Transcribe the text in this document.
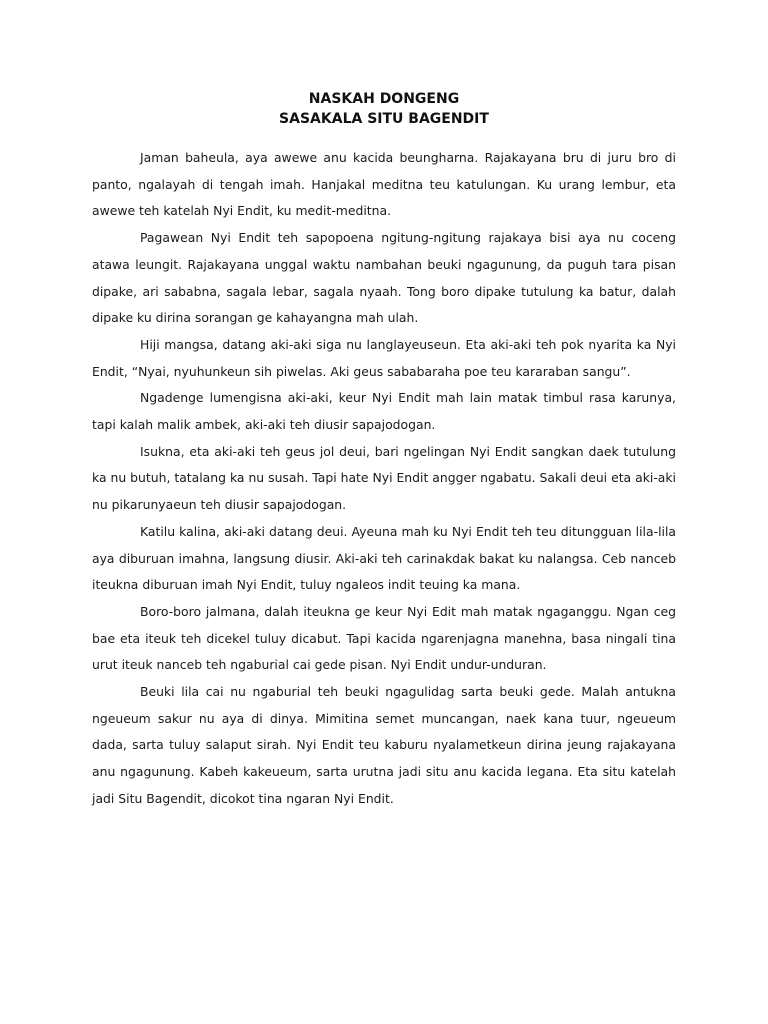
NASKAH DONGENG

SASAKALA SITU BAGENDIT

Jaman baheula, aya awewe anu kacida beungharna. Rajakayana bru di juru bro di panto, ngalayah di tengah imah. Hanjakal meditna teu katulungan. Ku urang lembur, eta awewe teh katelah Nyi Endit, ku medit-meditna.

Pagawean Nyi Endit teh sapopoena ngitung-ngitung rajakaya bisi aya nu coceng atawa leungit. Rajakayana unggal waktu nambahan beuki ngagunung, da puguh tara pisan dipake, ari sababna, sagala lebar, sagala nyaah. Tong boro dipake tutulung ka batur, dalah dipake ku dirina sorangan ge kahayangna mah ulah.

Hiji mangsa, datang aki-aki siga nu langlayeuseun. Eta aki-aki teh pok nyarita ka Nyi Endit, “Nyai, nyuhunkeun sih piwelas. Aki geus sababaraha poe teu kararaban sangu”.

Ngadenge lumengisna aki-aki, keur Nyi Endit mah lain matak timbul rasa karunya, tapi kalah malik ambek, aki-aki teh diusir sapajodogan.

Isukna, eta aki-aki teh geus jol deui, bari ngelingan Nyi Endit sangkan daek tutulung ka nu butuh, tatalang ka nu susah. Tapi hate Nyi Endit angger ngabatu. Sakali deui eta aki-aki nu pikarunyaeun teh diusir sapajodogan.

Katilu kalina, aki-aki datang deui. Ayeuna mah ku Nyi Endit teh teu ditungguan lila-lila aya diburuan imahna, langsung diusir. Aki-aki teh carinakdak bakat ku nalangsa. Ceb nanceb iteukna diburuan imah Nyi Endit, tuluy ngaleos indit teuing ka mana.

Boro-boro jalmana, dalah iteukna ge keur Nyi Edit mah matak ngaganggu. Ngan ceg bae eta iteuk teh dicekel tuluy dicabut. Tapi kacida ngarenjagna manehna, basa ningali tina urut iteuk nanceb teh ngaburial cai gede pisan. Nyi Endit undur-unduran.

Beuki lila cai nu ngaburial teh beuki ngagulidag sarta beuki gede. Malah antukna ngeueum sakur nu aya di dinya. Mimitina semet muncangan, naek kana tuur, ngeueum dada, sarta tuluy salaput sirah. Nyi Endit teu kaburu nyalametkeun dirina jeung rajakayana anu ngagunung. Kabeh kakeueum, sarta urutna jadi situ anu kacida legana. Eta situ katelah jadi Situ Bagendit, dicokot tina ngaran Nyi Endit.
